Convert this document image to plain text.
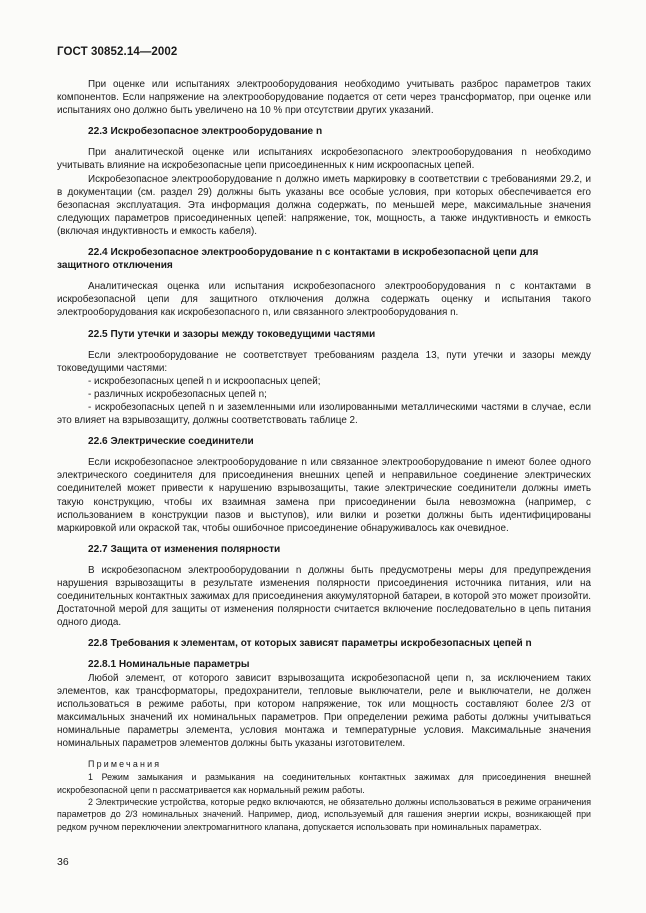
ГОСТ 30852.14—2002

При оценке или испытаниях электрооборудования необходимо учитывать разброс параметров таких компонентов. Если напряжение на электрооборудование подается от сети через трансформатор, при оценке или испытаниях оно должно быть увеличено на 10 % при отсутствии других указаний.

22.3 Искробезопасное электрооборудование n

При аналитической оценке или испытаниях искробезопасного электрооборудования n необходимо учитывать влияние на искробезопасные цепи присоединенных к ним искроопасных цепей.

Искробезопасное электрооборудование n должно иметь маркировку в соответствии с требованиями 29.2, и в документации (см. раздел 29) должны быть указаны все особые условия, при которых обеспечивается его безопасная эксплуатация. Эта информация должна содержать, по меньшей мере, максимальные значения следующих параметров присоединенных цепей: напряжение, ток, мощность, а также индуктивность и емкость (включая индуктивность и емкость кабеля).

22.4 Искробезопасное электрооборудование n с контактами в искробезопасной цепи для
защитного отключения

Аналитическая оценка или испытания искробезопасного электрооборудования n с контактами в искробезопасной цепи для защитного отключения должна содержать оценку и испытания такого электрооборудования как искробезопасного n, или связанного электрооборудования n.

22.5 Пути утечки и зазоры между токоведущими частями

Если электрооборудование не соответствует требованиям раздела 13, пути утечки и зазоры между токоведущими частями:

- искробезопасных цепей n и искроопасных цепей;

- различных искробезопасных цепей n;

- искробезопасных цепей n и заземленными или изолированными металлическими частями в случае, если это влияет на взрывозащиту, должны соответствовать таблице 2.

22.6 Электрические соединители

Если искробезопасное электрооборудование n или связанное электрооборудование n имеют более одного электрического соединителя для присоединения внешних цепей и неправильное соединение электрических соединителей может привести к нарушению взрывозащиты, такие электрические соединители должны иметь такую конструкцию, чтобы их взаимная замена при присоединении была невозможна (например, с использованием в конструкции пазов и выступов), или вилки и розетки должны быть идентифицированы маркировкой или окраской так, чтобы ошибочное присоединение обнаруживалось как очевидное.

22.7 Защита от изменения полярности

В искробезопасном электрооборудовании n должны быть предусмотрены меры для предупреждения нарушения взрывозащиты в результате изменения полярности присоединения источника питания, или на соединительных контактных зажимах для присоединения аккумуляторной батареи, в которой это может произойти. Достаточной мерой для защиты от изменения полярности считается включение последовательно в цепь питания одного диода.

22.8 Требования к элементам, от которых зависят параметры искробезопасных цепей n

22.8.1 Номинальные параметры

Любой элемент, от которого зависит взрывозащита искробезопасной цепи n, за исключением таких элементов, как трансформаторы, предохранители, тепловые выключатели, реле и выключатели, не должен использоваться в режиме работы, при котором напряжение, ток или мощность составляют более 2/3 от максимальных значений их номинальных параметров. При определении режима работы должны учитываться номинальные параметры элемента, условия монтажа и температурные условия. Максимальные значения номинальных параметров элементов должны быть указаны изготовителем.

Примечания

1 Режим замыкания и размыкания на соединительных контактных зажимах для присоединения внешней искробезопасной цепи n рассматривается как нормальный режим работы.

2 Электрические устройства, которые редко включаются, не обязательно должны использоваться в режиме ограничения параметров до 2/3 номинальных значений. Например, диод, используемый для гашения энергии искры, возникающей при редком ручном переключении электромагнитного клапана, допускается использовать при номинальных параметрах.

36
